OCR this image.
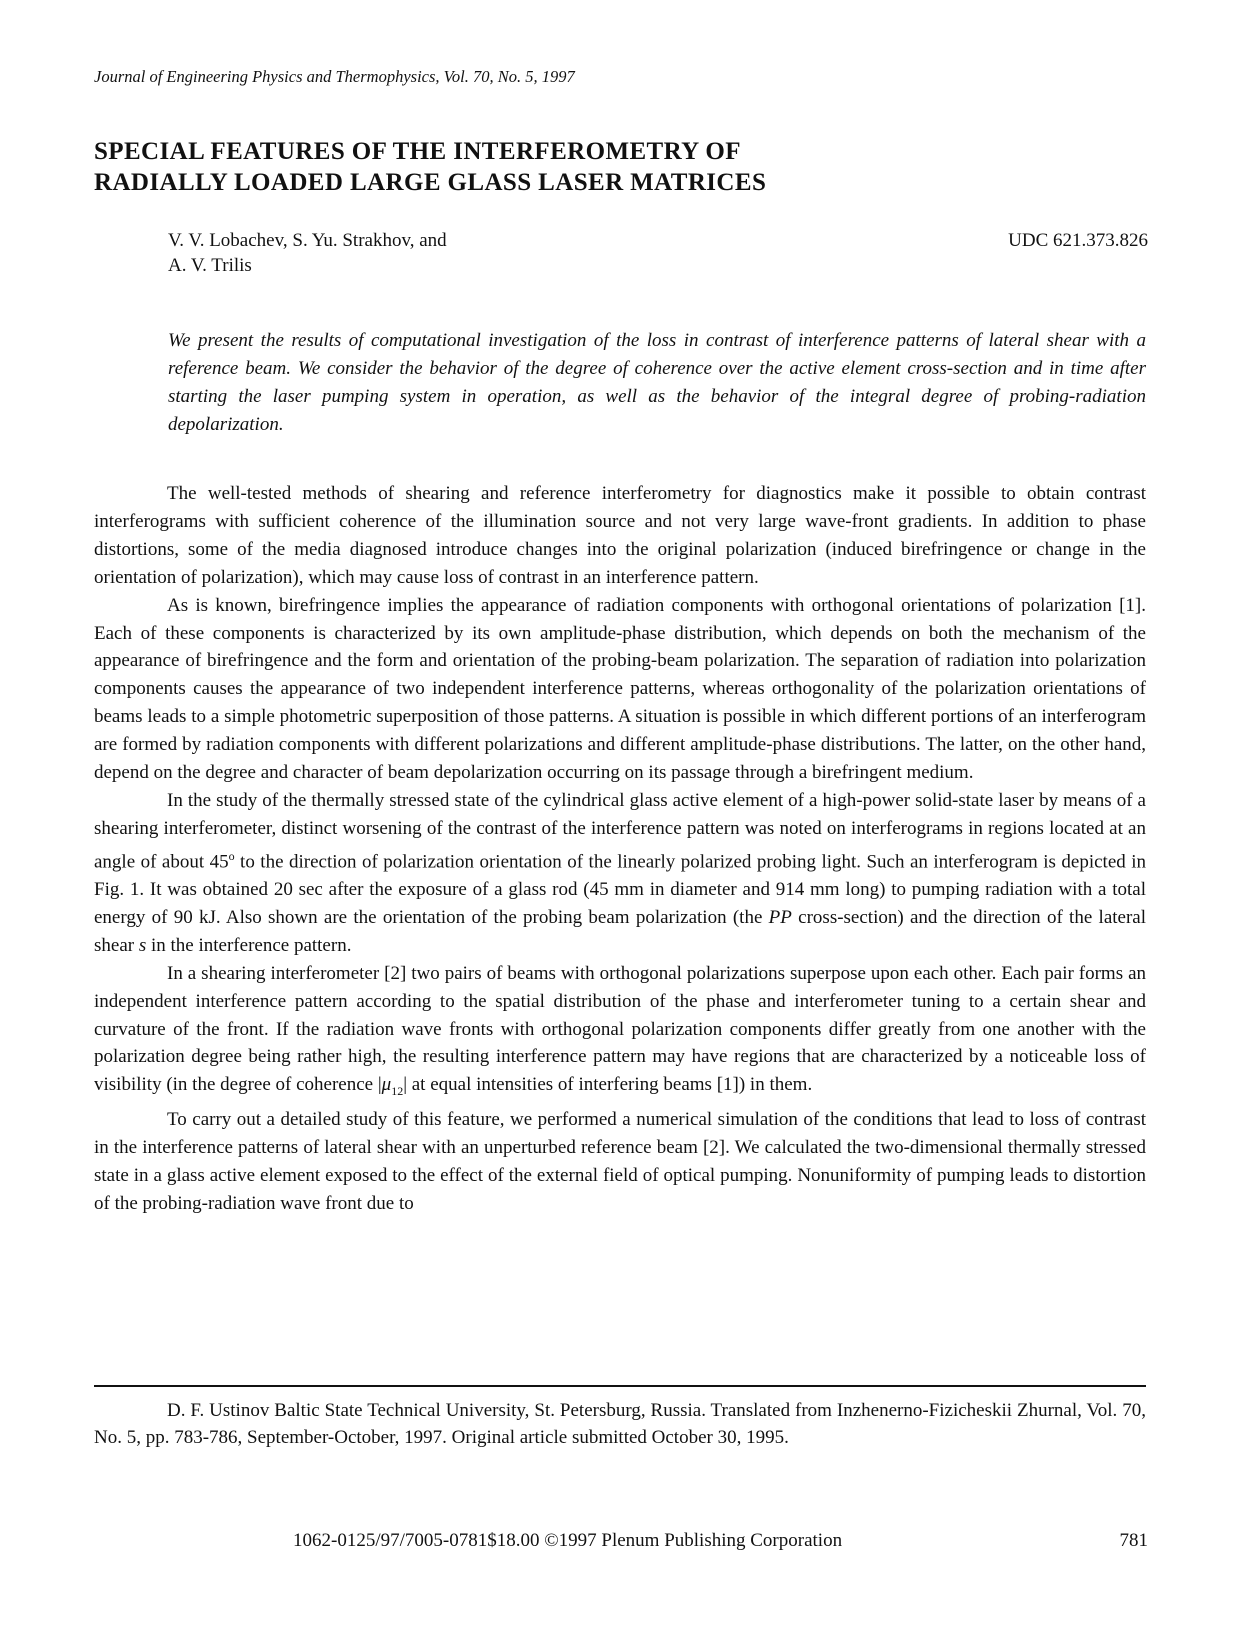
Journal of Engineering Physics and Thermophysics, Vol. 70, No. 5, 1997
SPECIAL FEATURES OF THE INTERFEROMETRY OF
RADIALLY LOADED LARGE GLASS LASER MATRICES
V. V. Lobachev, S. Yu. Strakhov, and
A. V. Trilis
UDC 621.373.826
We present the results of computational investigation of the loss in contrast of interference patterns of lateral shear with a reference beam. We consider the behavior of the degree of coherence over the active element cross-section and in time after starting the laser pumping system in operation, as well as the behavior of the integral degree of probing-radiation depolarization.

The well-tested methods of shearing and reference interferometry for diagnostics make it possible to obtain contrast interferograms with sufficient coherence of the illumination source and not very large wave-front gradients. In addition to phase distortions, some of the media diagnosed introduce changes into the original polarization (induced birefringence or change in the orientation of polarization), which may cause loss of contrast in an interference pattern.

As is known, birefringence implies the appearance of radiation components with orthogonal orientations of polarization [1]. Each of these components is characterized by its own amplitude-phase distribution, which depends on both the mechanism of the appearance of birefringence and the form and orientation of the probing-beam polarization. The separation of radiation into polarization components causes the appearance of two independent interference patterns, whereas orthogonality of the polarization orientations of beams leads to a simple photometric superposition of those patterns. A situation is possible in which different portions of an interferogram are formed by radiation components with different polarizations and different amplitude-phase distributions. The latter, on the other hand, depend on the degree and character of beam depolarization occurring on its passage through a birefringent medium.

In the study of the thermally stressed state of the cylindrical glass active element of a high-power solid-state laser by means of a shearing interferometer, distinct worsening of the contrast of the interference pattern was noted on interferograms in regions located at an angle of about 45$^o$ to the direction of polarization orientation of the linearly polarized probing light. Such an interferogram is depicted in Fig. 1. It was obtained 20 sec after the exposure of a glass rod (45 mm in diameter and 914 mm long) to pumping radiation with a total energy of 90 kJ. Also shown are the orientation of the probing beam polarization (the PP cross-section) and the direction of the lateral shear s in the interference pattern.

In a shearing interferometer [2] two pairs of beams with orthogonal polarizations superpose upon each other. Each pair forms an independent interference pattern according to the spatial distribution of the phase and interferometer tuning to a certain shear and curvature of the front. If the radiation wave fronts with orthogonal polarization components differ greatly from one another with the polarization degree being rather high, the resulting interference pattern may have regions that are characterized by a noticeable loss of visibility (in the degree of coherence $|\mu_{12}|$ at equal intensities of interfering beams [1]) in them.

To carry out a detailed study of this feature, we performed a numerical simulation of the conditions that lead to loss of contrast in the interference patterns of lateral shear with an unperturbed reference beam [2]. We calculated the two-dimensional thermally stressed state in a glass active element exposed to the effect of the external field of optical pumping. Nonuniformity of pumping leads to distortion of the probing-radiation wave front due to

D. F. Ustinov Baltic State Technical University, St. Petersburg, Russia. Translated from Inzhenerno-Fizicheskii Zhurnal, Vol. 70, No. 5, pp. 783-786, September-October, 1997. Original article submitted October 30, 1995.

1062-0125/97/7005-0781$18.00 ©1997 Plenum Publishing Corporation	781
